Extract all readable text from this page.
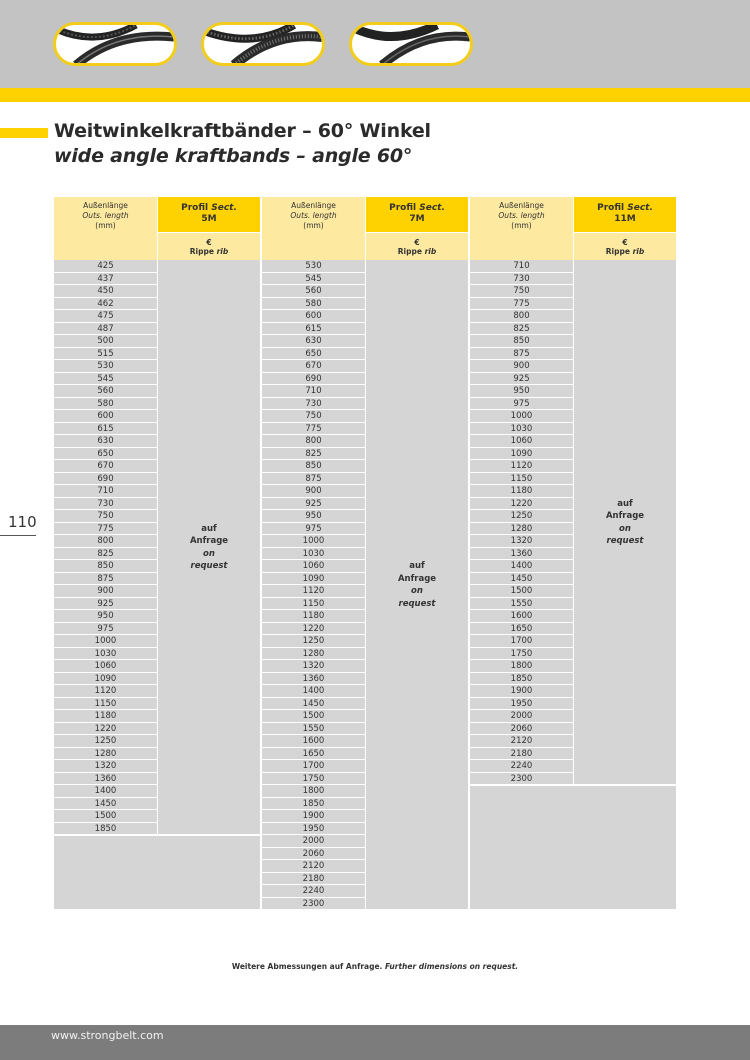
Weitwinkelkraftbänder – 60° Winkel
wide angle kraftbands – angle 60°
110
Außenlänge
Outs. length
(mm)
Profil Sect.
5M
€
Rippe rib
425
437
450
462
475
487
500
515
530
545
560
580
600
615
630
650
670
690
710
730
750
775
800
825
850
875
900
925
950
975
1000
1030
1060
1090
1120
1150
1180
1220
1250
1280
1320
1360
1400
1450
1500
1850
auf
Anfrage
on
request
Außenlänge
Outs. length
(mm)
Profil Sect.
7M
€
Rippe rib
530
545
560
580
600
615
630
650
670
690
710
730
750
775
800
825
850
875
900
925
950
975
1000
1030
1060
1090
1120
1150
1180
1220
1250
1280
1320
1360
1400
1450
1500
1550
1600
1650
1700
1750
1800
1850
1900
1950
2000
2060
2120
2180
2240
2300
auf
Anfrage
on
request
Außenlänge
Outs. length
(mm)
Profil Sect.
11M
€
Rippe rib
710
730
750
775
800
825
850
875
900
925
950
975
1000
1030
1060
1090
1120
1150
1180
1220
1250
1280
1320
1360
1400
1450
1500
1550
1600
1650
1700
1750
1800
1850
1900
1950
2000
2060
2120
2180
2240
2300
auf
Anfrage
on
request
Weitere Abmessungen auf Anfrage. Further dimensions on request.
www.strongbelt.com
